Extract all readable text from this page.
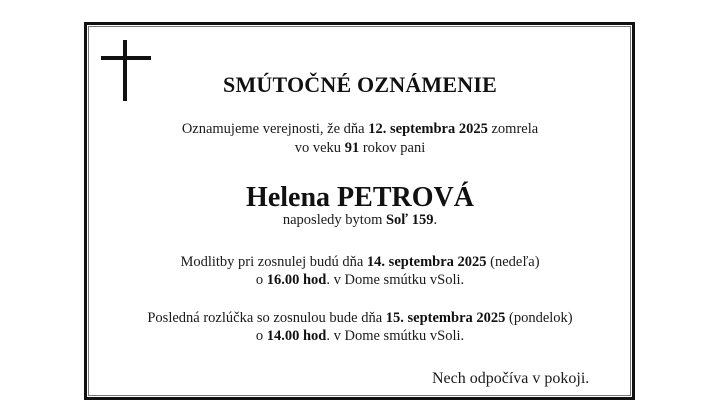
SMÚTOČNÉ OZNÁMENIE
Oznamujeme verejnosti, že dňa 12. septembra 2025 zomrela
vo veku 91 rokov pani
Helena PETROVÁ
naposledy bytom Soľ 159.
Modlitby pri zosnulej budú dňa 14. septembra 2025 (nedeľa)
o 16.00 hod. v Dome smútku vSoli.
Posledná rozlúčka so zosnulou bude dňa 15. septembra 2025 (pondelok)
o 14.00 hod. v Dome smútku vSoli.
Nech odpočíva v pokoji.
